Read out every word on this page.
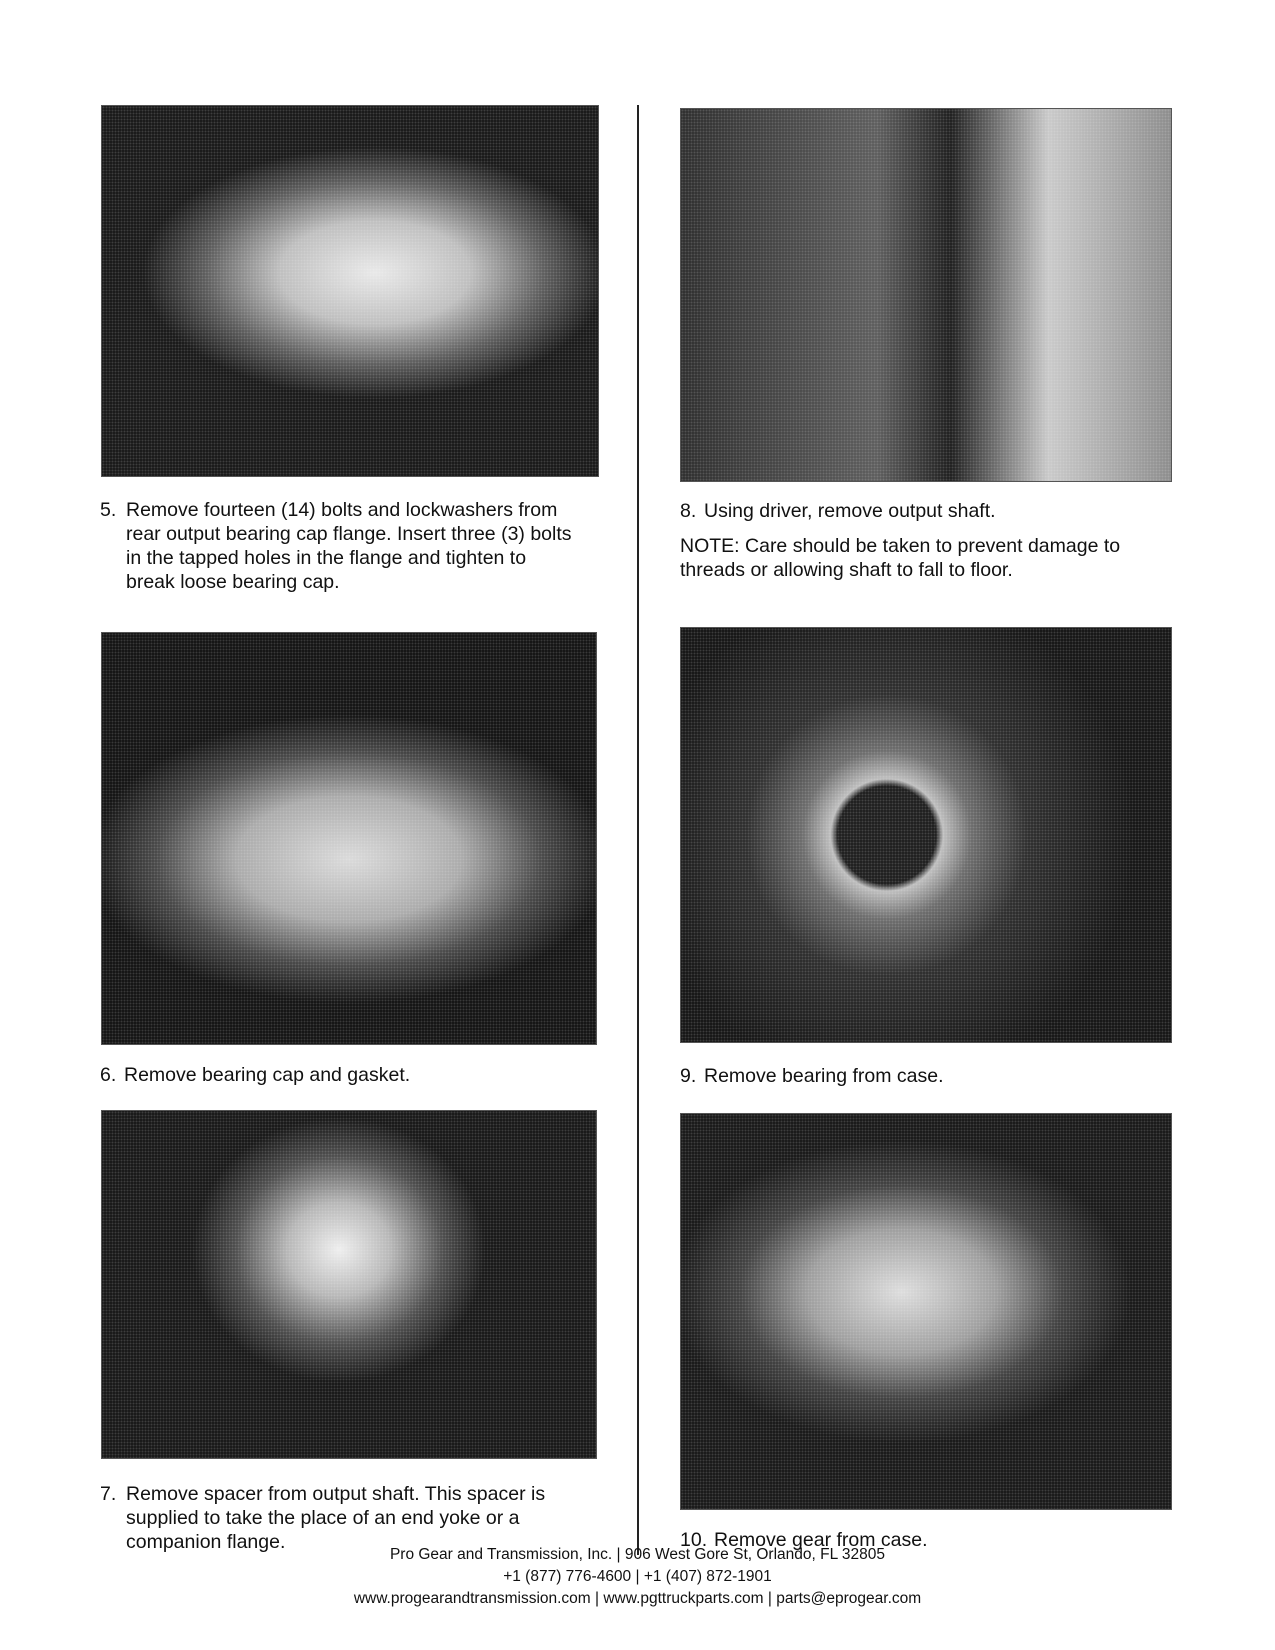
5. Remove fourteen (14) bolts and lockwashers from rear output bearing cap flange. Insert three (3) bolts in the tapped holes in the flange and tighten to break loose bearing cap.
6. Remove bearing cap and gasket.
7. Remove spacer from output shaft. This spacer is supplied to take the place of an end yoke or a companion flange.
8. Using driver, remove output shaft.
NOTE: Care should be taken to prevent damage to threads or allowing shaft to fall to floor.
9. Remove bearing from case.
10. Remove gear from case.
Pro Gear and Transmission, Inc. | 906 West Gore St, Orlando, FL 32805
+1 (877) 776-4600 | +1 (407) 872-1901
www.progearandtransmission.com | www.pgttruckparts.com | parts@eprogear.com
